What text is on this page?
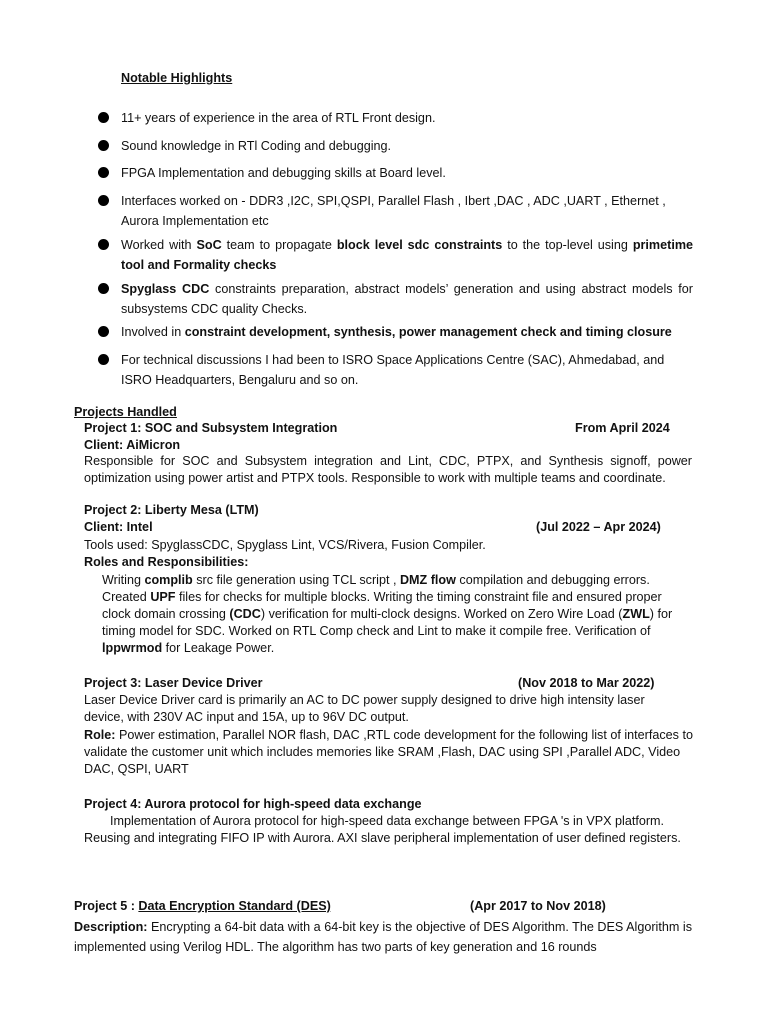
Notable Highlights
11+ years of experience in the area of RTL Front design.
Sound knowledge in RTl Coding and debugging.
FPGA Implementation and debugging skills at Board level.
Interfaces worked on - DDR3 ,I2C, SPI,QSPI, Parallel Flash , Ibert ,DAC , ADC ,UART , Ethernet , Aurora Implementation etc
Worked with SoC team to propagate block level sdc constraints to the top-level using primetime tool and Formality checks
Spyglass CDC constraints preparation, abstract models’ generation and using abstract models for subsystems CDC quality Checks.
Involved in constraint development, synthesis, power management check and timing closure
For technical discussions I had been to ISRO Space Applications Centre (SAC), Ahmedabad, and ISRO Headquarters, Bengaluru and so on.
Projects Handled
Project 1: SOC and Subsystem Integration	From April 2024
Client: AiMicron
Responsible for SOC and Subsystem integration and Lint, CDC, PTPX, and Synthesis signoff, power optimization using power artist and PTPX tools. Responsible to work with multiple teams and coordinate.
Project 2: Liberty Mesa (LTM)
Client: Intel	(Jul 2022 – Apr 2024)
Tools used: SpyglassCDC, Spyglass Lint, VCS/Rivera, Fusion Compiler.
Roles and Responsibilities:
Writing complib src file generation using TCL script , DMZ flow compilation and debugging errors. Created UPF files for checks for multiple blocks. Writing the timing constraint file and ensured proper clock domain crossing (CDC) verification for multi-clock designs. Worked on Zero Wire Load (ZWL) for timing model for SDC. Worked on RTL Comp check and Lint to make it compile free. Verification of lppwrmod for Leakage Power.
Project 3: Laser Device Driver	(Nov 2018 to Mar 2022)
Laser Device Driver card is primarily an AC to DC power supply designed to drive high intensity laser device, with 230V AC input and 15A, up to 96V DC output.
Role: Power estimation, Parallel NOR flash, DAC ,RTL code development for the following list of interfaces to validate the customer unit which includes memories like SRAM ,Flash, DAC using SPI ,Parallel ADC, Video DAC, QSPI, UART
Project 4: Aurora protocol for high-speed data exchange
Implementation of Aurora protocol for high-speed data exchange between FPGA 's in VPX platform. Reusing and integrating FIFO IP with Aurora. AXI slave peripheral implementation of user defined registers.
Project 5 : Data Encryption Standard (DES)	(Apr 2017 to Nov 2018)
Description: Encrypting a 64-bit data with a 64-bit key is the objective of DES Algorithm. The DES Algorithm is implemented using Verilog HDL. The algorithm has two parts of key generation and 16 rounds
